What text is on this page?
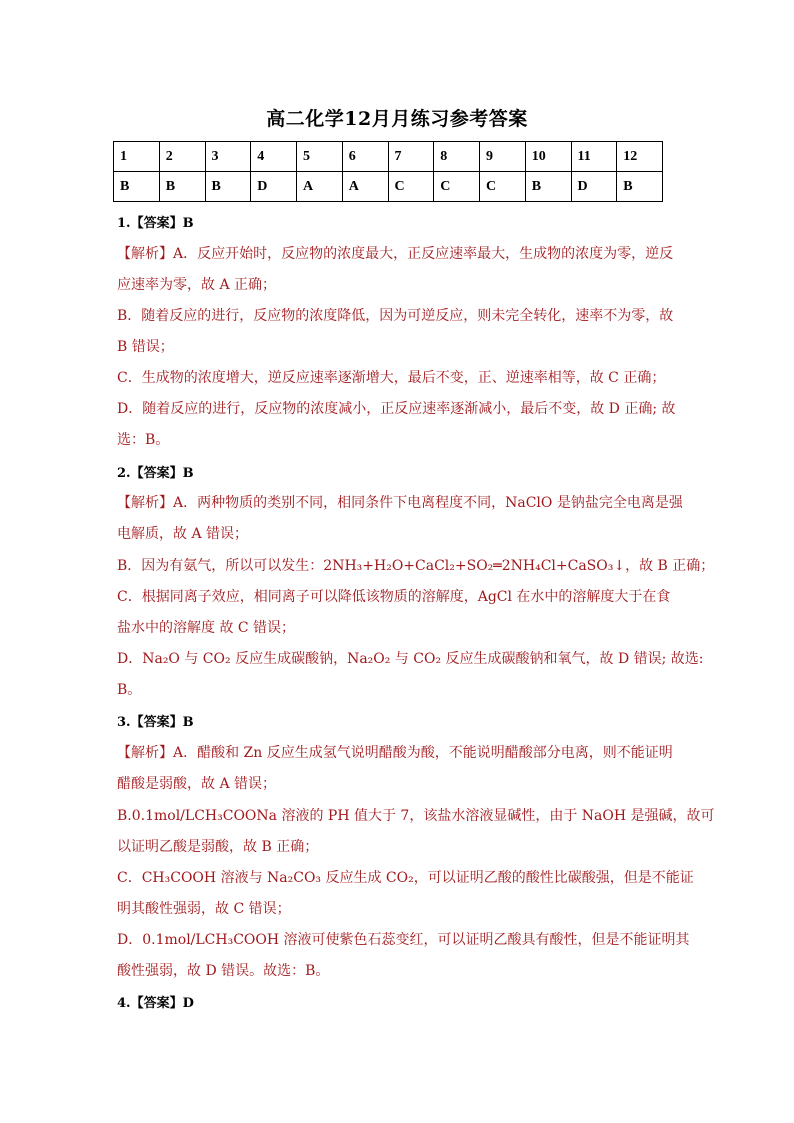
高二化学12月月练习参考答案
1	2	3	4	5	6	7	8	9	10	11	12
B	B	B	D	A	A	C	C	C	B	D	B
1.【答案】B
【解析】A．反应开始时，反应物的浓度最大，正反应速率最大，生成物的浓度为零，逆反
应速率为零，故 A 正确；
B．随着反应的进行，反应物的浓度降低，因为可逆反应，则未完全转化，速率不为零，故
B 错误；
C．生成物的浓度增大，逆反应速率逐渐增大，最后不变，正、逆速率相等，故 C 正确；
D．随着反应的进行，反应物的浓度减小，正反应速率逐渐减小，最后不变，故 D 正确; 故
选：B。
2.【答案】B
【解析】A．两种物质的类别不同，相同条件下电离程度不同，NaClO 是钠盐完全电离是强
电解质，故 A 错误；
B．因为有氨气，所以可以发生：2NH₃+H₂O+CaCl₂+SO₂═2NH₄Cl+CaSO₃↓，故 B 正确；
C．根据同离子效应，相同离子可以降低该物质的溶解度，AgCl 在水中的溶解度大于在食
盐水中的溶解度 故 C 错误；
D．Na₂O 与 CO₂ 反应生成碳酸钠，Na₂O₂ 与 CO₂ 反应生成碳酸钠和氧气，故 D 错误; 故选:
B。
3.【答案】B
【解析】A．醋酸和 Zn 反应生成氢气说明醋酸为酸，不能说明醋酸部分电离，则不能证明
醋酸是弱酸，故 A 错误；
B.0.1mol/LCH₃COONa 溶液的 PH 值大于 7，该盐水溶液显碱性，由于 NaOH 是强碱，故可
以证明乙酸是弱酸，故 B 正确；
C．CH₃COOH 溶液与 Na₂CO₃ 反应生成 CO₂，可以证明乙酸的酸性比碳酸强，但是不能证
明其酸性强弱，故 C 错误；
D．0.1mol/LCH₃COOH 溶液可使紫色石蕊变红，可以证明乙酸具有酸性，但是不能证明其
酸性强弱，故 D 错误。故选：B。
4.【答案】D
